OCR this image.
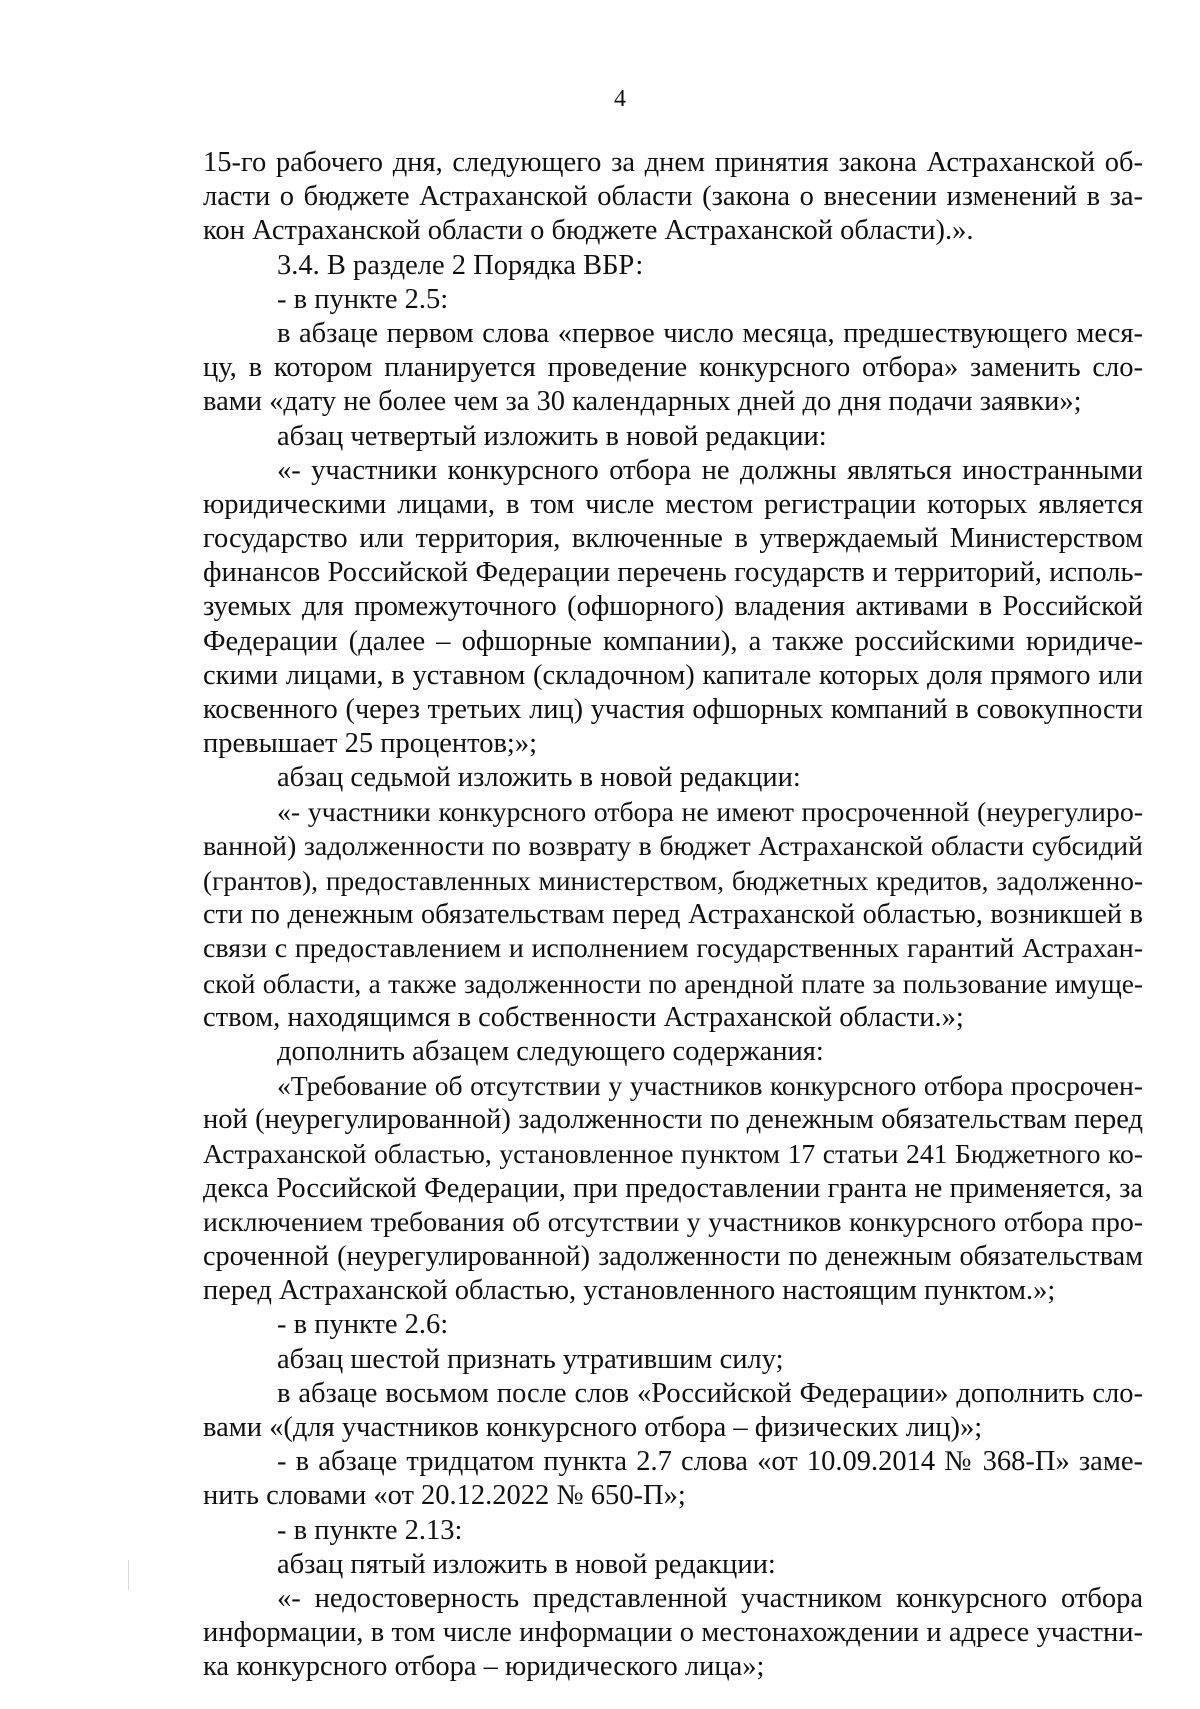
4
15-го рабочего дня, следующего за днем принятия закона Астраханской об-
ласти о бюджете Астраханской области (закона о внесении изменений в за-
кон Астраханской области о бюджете Астраханской области).».
3.4. В разделе 2 Порядка ВБР:
- в пункте 2.5:
в абзаце первом слова «первое число месяца, предшествующего меся-
цу, в котором планируется проведение конкурсного отбора» заменить сло-
вами «дату не более чем за 30 календарных дней до дня подачи заявки»;
абзац четвертый изложить в новой редакции:
«- участники конкурсного отбора не должны являться иностранными
юридическими лицами, в том числе местом регистрации которых является
государство или территория, включенные в утверждаемый Министерством
финансов Российской Федерации перечень государств и территорий, исполь-
зуемых для промежуточного (офшорного) владения активами в Российской
Федерации (далее – офшорные компании), а также российскими юридиче-
скими лицами, в уставном (складочном) капитале которых доля прямого или
косвенного (через третьих лиц) участия офшорных компаний в совокупности
превышает 25 процентов;»;
абзац седьмой изложить в новой редакции:
«- участники конкурсного отбора не имеют просроченной (неурегулиро-
ванной) задолженности по возврату в бюджет Астраханской области субсидий
(грантов), предоставленных министерством, бюджетных кредитов, задолженно-
сти по денежным обязательствам перед Астраханской областью, возникшей в
связи с предоставлением и исполнением государственных гарантий Астрахан-
ской области, а также задолженности по арендной плате за пользование имуще-
ством, находящимся в собственности Астраханской области.»;
дополнить абзацем следующего содержания:
«Требование об отсутствии у участников конкурсного отбора просрочен-
ной (неурегулированной) задолженности по денежным обязательствам перед
Астраханской областью, установленное пунктом 17 статьи 241 Бюджетного ко-
декса Российской Федерации, при предоставлении гранта не применяется, за
исключением требования об отсутствии у участников конкурсного отбора про-
сроченной (неурегулированной) задолженности по денежным обязательствам
перед Астраханской областью, установленного настоящим пунктом.»;
- в пункте 2.6:
абзац шестой признать утратившим силу;
в абзаце восьмом после слов «Российской Федерации» дополнить сло-
вами «(для участников конкурсного отбора – физических лиц)»;
- в абзаце тридцатом пункта 2.7 слова «от 10.09.2014 № 368-П» заме-
нить словами «от 20.12.2022 № 650-П»;
- в пункте 2.13:
абзац пятый изложить в новой редакции:
«- недостоверность представленной участником конкурсного отбора
информации, в том числе информации о местонахождении и адресе участни-
ка конкурсного отбора – юридического лица»;
